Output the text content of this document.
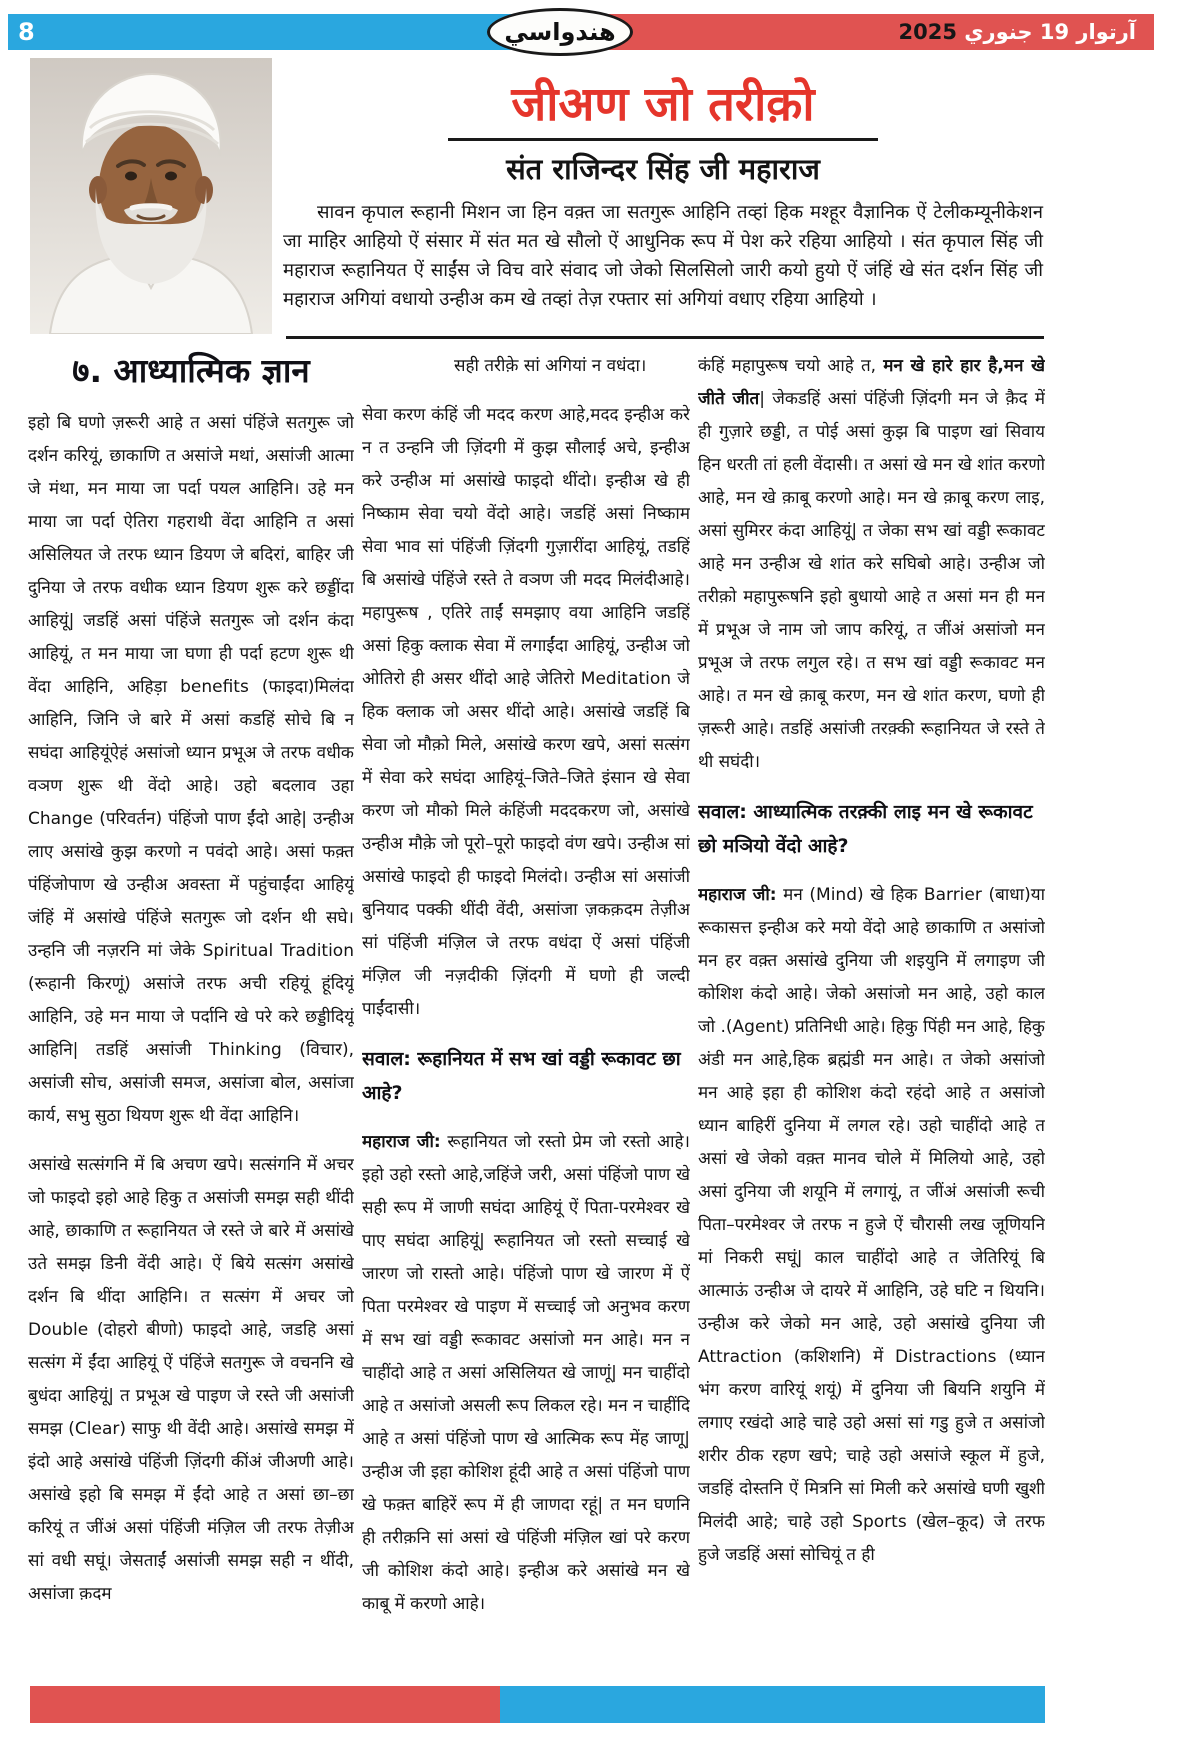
8	آرتوار 19 جنوري 2025
هندواسي
जीअण जो तरीक़ो
संत राजिन्दर सिंह जी महाराज
सावन कृपाल रूहानी मिशन जा हिन वक़्त जा सतगुरू आहिनि तव्हां हिक मश्हूर वैज्ञानिक ऐं टेलीकम्यूनीकेशन जा माहिर आहियो ऐं संसार में संत मत खे सौलो ऐं आधुनिक रूप में पेश करे रहिया आहियो । संत कृपाल सिंह जी महाराज रूहानियत ऐं साईंस जे विच वारे संवाद जो जेको सिलसिलो जारी कयो हुयो ऐं जंहिं खे संत दर्शन सिंह जी महाराज अगियां वधायो उन्हीअ कम खे तव्हां तेज़ रफ्तार सां अगियां वधाए रहिया आहियो ।
७. आध्यात्मिक ज्ञान

इहो बि घणो ज़रूरी आहे त असां पंहिंजे सतगुरू जो दर्शन करियूं, छाकाणि त असांजे मथां, असांजी आत्मा जे मंथा, मन माया जा पर्दा पयल आहिनि। उहे मन माया जा पर्दा ऐतिरा गहराथी वेंदा आहिनि त असां असिलियत जे तरफ ध्यान डियण जे बदिरां, बाहिर जी दुनिया जे तरफ वधीक ध्यान डियण शुरू करे छड्डींदा आहियूं| जडहिं असां पंहिंजे सतगुरू जो दर्शन कंदा आहियूं, त मन माया जा घणा ही पर्दा हटण शुरू थी वेंदा आहिनि, अहिड़ा benefits (फाइदा)मिलंदा आहिनि, जिनि जे बारे में असां कडहिं सोचे बि न सघंदा आहियूंऐहं असांजो ध्यान प्रभूअ जे तरफ वधीक वञण शुरू थी वेंदो आहे। उहो बदलाव उहा Change (परिवर्तन) पंहिंजो पाण ईंदो आहे| उन्हीअ लाए असांखे कुझ करणो न पवंदो आहे। असां फक़्त पंहिंजोपाण खे उन्हीअ अवस्ता में पहुंचाईंदा आहियूं जंहिं में असांखे पंहिंजे सतगुरू जो दर्शन थी सघे। उन्हनि जी नज़रनि मां जेके Spiritual Tradition (रूहानी किरणूं) असांजे तरफ अची रहियूं हूंदियूं आहिनि, उहे मन माया जे पर्दानि खे परे करे छड्डीदियूं आहिनि| तडहिं असांजी Thinking (विचार), असांजी सोच, असांजी समज, असांजा बोल, असांजा कार्य, सभु सुठा थियण शुरू थी वेंदा आहिनि।

असांखे सत्संगनि में बि अचण खपे। सत्संगनि में अचर जो फाइदो इहो आहे हिकु त असांजी समझ सही थींदी आहे, छाकाणि त रूहानियत जे रस्ते जे बारे में असांखे उते समझ डिनी वेंदी आहे। ऐं बिये सत्संग असांखे दर्शन बि थींदा आहिनि। त सत्संग में अचर जो Double (दोहरो बीणो) फाइदो आहे, जडहि असां सत्संग में ईंदा आहियूं ऐं पंहिंजे सतगुरू जे वचननि खे बुधंदा आहियूं| त प्रभूअ खे पाइण जे रस्ते जी असांजी समझ (Clear) साफु थी वेंदी आहे। असांखे समझ में इंदो आहे असांखे पंहिंजी ज़िंदगी कींअं जीअणी आहे। असांखे इहो बि समझ में ईंदो आहे त असां छा–छा करियूं त जींअं असां पंहिंजी मंज़िल जी तरफ तेज़ीअ सां वधी सघूं। जेसताईं असांजी समझ सही न थींदी, असांजा क़दम

सही तरीक़े सां अगियां न वधंदा।

सेवा करण कंहिं जी मदद करण आहे,मदद इन्हीअ करे न त उन्हनि जी ज़िंदगी में कुझ सौलाई अचे, इन्हीअ करे उन्हीअ मां असांखे फाइदो थींदो। इन्हीअ खे ही निष्काम सेवा चयो वेंदो आहे। जडहिं असां निष्काम सेवा भाव सां पंहिंजी ज़िंदगी गुज़ारींदा आहियूं, तडहिं बि असांखे पंहिंजे रस्ते ते वञण जी मदद मिलंदीआहे। महापुरूष , एतिरे ताईं समझाए वया आहिनि जडहिं असां हिकु क्लाक सेवा में लगाईंदा आहियूं, उन्हीअ जो ओतिरो ही असर थींदो आहे जेतिरो Meditation जे हिक क्लाक जो असर थींदो आहे। असांखे जडहिं बि सेवा जो मौक़ो मिले, असांखे करण खपे, असां सत्संग में सेवा करे सघंदा आहियूं–जिते–जिते इंसान खे सेवा करण जो मौको मिले कंहिंजी मददकरण जो, असांखे उन्हीअ मौक़े जो पूरो–पूरो फाइदो वंण खपे। उन्हीअ सां असांखे फाइदो ही फाइदो मिलंदो। उन्हीअ सां असांजी बुनियाद पक्की थींदी वेंदी, असांजा ज़कक़दम तेज़ीअ सां पंहिंजी मंज़िल जे तरफ वधंदा ऐं असां पंहिंजी मंज़िल जी नज़दीकी ज़िंदगी में घणो ही जल्दी पाईंदासी।

सवाल: रूहानियत में सभ खां वड्डी रूकावट छा आहे?

महाराज जी: रूहानियत जो रस्तो प्रेम जो रस्तो आहे। इहो उहो रस्तो आहे,जहिंजे जरी, असां पंहिंजो पाण खे सही रूप में जाणी सघंदा आहियूं ऐं पिता-परमेश्वर खे पाए सघंदा आहियूं| रूहानियत जो रस्तो सच्चाई खे जारण जो रास्तो आहे। पंहिंजो पाण खे जारण में ऐं पिता परमेश्वर खे पाइण में सच्चाई जो अनुभव करण में सभ खां वड्डी रूकावट असांजो मन आहे। मन न चाहींदो आहे त असां असिलियत खे जाणूं| मन चाहींदो आहे त असांजो असली रूप लिकल रहे। मन न चाहींदि आहे त असां पंहिंजो पाण खे आत्मिक रूप मेंह जाणू| उन्हीअ जी इहा कोशिश हूंदी आहे त असां पंहिंजो पाण खे फक़्त बाहिरें रूप में ही जाणदा रहूं| त मन घणनि ही तरीक़नि सां असां खे पंहिंजी मंज़िल खां परे करण जी कोशिश कंदो आहे। इन्हीअ करे असांखे मन खे काबू में करणो आहे।

कंहिं महापुरूष चयो आहे त, मन खे हारे हार है,मन खे जीते जीत| जेकडहिं असां पंहिंजी ज़िंदगी मन जे क़ैद में ही गुज़ारे छड्डी, त पोई असां कुझ बि पाइण खां सिवाय हिन धरती तां हली वेंदासी। त असां खे मन खे शांत करणो आहे, मन खे क़ाबू करणो आहे। मन खे क़ाबू करण लाइ, असां सुमिरर कंदा आहियूं| त जेका सभ खां वड्डी रूकावट आहे मन उन्हीअ खे शांत करे सघिबो आहे। उन्हीअ जो तरीक़ो महापुरूषनि इहो बुधायो आहे त असां मन ही मन में प्रभूअ जे नाम जो जाप करियूं, त जींअं असांजो मन प्रभूअ जे तरफ लगुल रहे। त सभ खां वड्डी रूकावट मन आहे। त मन खे क़ाबू करण, मन खे शांत करण, घणो ही ज़रूरी आहे। तडहिं असांजी तरक़्की रूहानियत जे रस्ते ते थी सघंदी।

सवाल: आध्यात्मिक तरक़्की लाइ मन खे रूकावट छो मञियो वेंदो आहे?

महाराज जी: मन (Mind) खे हिक Barrier (बाधा)या रूकासत्त इन्हीअ करे मयो वेंदो आहे छाकाणि त असांजो मन हर वक़्त असांखे दुनिया जी शइयुनि में लगाइण जी कोशिश कंदो आहे। जेको असांजो मन आहे, उहो काल जो .(Agent) प्रतिनिधी आहे। हिकु पिंही मन आहे, हिकु अंडी मन आहे,हिक ब्रह्मंडी मन आहे। त जेको असांजो मन आहे इहा ही कोशिश कंदो रहंदो आहे त असांजो ध्यान बाहिरीं दुनिया में लगल रहे। उहो चाहींदो आहे त असां खे जेको वक़्त मानव चोले में मिलियो आहे, उहो असां दुनिया जी शयूनि में लगायूं, त जींअं असांजी रूची पिता–परमेश्वर जे तरफ न हुजे ऐं चौरासी लख जूणियनि मां निकरी सघूं| काल चाहींदो आहे त जेतिरियूं बि आत्माऊं उन्हीअ जे दायरे में आहिनि, उहे घटि न थियनि। उन्हीअ करे जेको मन आहे, उहो असांखे दुनिया जी Attraction (कशिशनि) में Distractions (ध्यान भंग करण वारियूं शयूं) में दुनिया जी बियनि शयुनि में लगाए रखंदो आहे चाहे उहो असां सां गडु हुजे त असांजो शरीर ठीक रहण खपे; चाहे उहो असांजे स्कूल में हुजे, जडहिं दोस्तनि ऐं मित्रनि सां मिली करे असांखे घणी खुशी मिलंदी आहे; चाहे उहो Sports (खेल–कूद) जे तरफ हुजे जडहिं असां सोचियूं त ही
